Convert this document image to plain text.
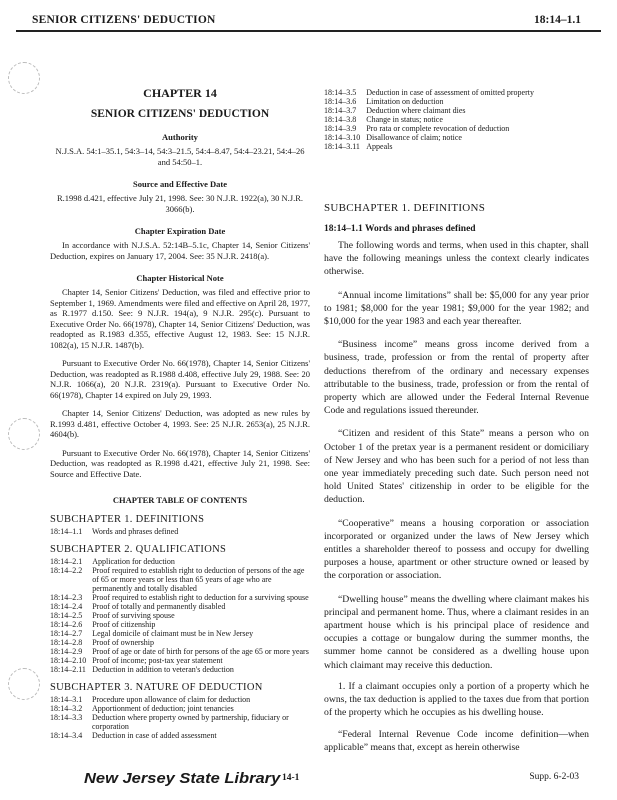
SENIOR CITIZENS' DEDUCTION	18:14–1.1
CHAPTER 14
SENIOR CITIZENS' DEDUCTION
Authority
N.J.S.A. 54:1–35.1, 54:3–14, 54:3–21.5, 54:4–8.47, 54:4–23.21, 54:4–26 and 54:50–1.
Source and Effective Date
R.1998 d.421, effective July 21, 1998. See: 30 N.J.R. 1922(a), 30 N.J.R. 3066(b).
Chapter Expiration Date

In accordance with N.J.S.A. 52:14B–5.1c, Chapter 14, Senior Citizens' Deduction, expires on January 17, 2004. See: 35 N.J.R. 2418(a).

Chapter Historical Note

Chapter 14, Senior Citizens' Deduction, was filed and effective prior to September 1, 1969. Amendments were filed and effective on April 28, 1977, as R.1977 d.150. See: 9 N.J.R. 194(a), 9 N.J.R. 295(c). Pursuant to Executive Order No. 66(1978), Chapter 14, Senior Citizens' Deduction, was readopted as R.1983 d.355, effective August 12, 1983. See: 15 N.J.R. 1082(a), 15 N.J.R. 1487(b).

Pursuant to Executive Order No. 66(1978), Chapter 14, Senior Citizens' Deduction, was readopted as R.1988 d.408, effective July 29, 1988. See: 20 N.J.R. 1066(a), 20 N.J.R. 2319(a). Pursuant to Executive Order No. 66(1978), Chapter 14 expired on July 29, 1993.

Chapter 14, Senior Citizens' Deduction, was adopted as new rules by R.1993 d.481, effective October 4, 1993. See: 25 N.J.R. 2653(a), 25 N.J.R. 4604(b).

Pursuant to Executive Order No. 66(1978), Chapter 14, Senior Citizens' Deduction, was readopted as R.1998 d.421, effective July 21, 1998. See: Source and Effective Date.

CHAPTER TABLE OF CONTENTS
SUBCHAPTER 1. DEFINITIONS
18:14–1.1	Words and phrases defined
SUBCHAPTER 2. QUALIFICATIONS
18:14–2.1	Application for deduction
18:14–2.2	Proof required to establish right to deduction of persons of the age of 65 or more years or less than 65 years of age who are permanently and totally disabled
18:14–2.3	Proof required to establish right to deduction for a surviving spouse
18:14–2.4	Proof of totally and permanently disabled
18:14–2.5	Proof of surviving spouse
18:14–2.6	Proof of citizenship
18:14–2.7	Legal domicile of claimant must be in New Jersey
18:14–2.8	Proof of ownership
18:14–2.9	Proof of age or date of birth for persons of the age 65 or more years
18:14–2.10	Proof of income; post-tax year statement
18:14–2.11	Deduction in addition to veteran's deduction
SUBCHAPTER 3. NATURE OF DEDUCTION
18:14–3.1	Procedure upon allowance of claim for deduction
18:14–3.2	Apportionment of deduction; joint tenancies
18:14–3.3	Deduction where property owned by partnership, fiduciary or corporation
18:14–3.4	Deduction in case of added assessment
18:14–3.5	Deduction in case of assessment of omitted property
18:14–3.6	Limitation on deduction
18:14–3.7	Deduction where claimant dies
18:14–3.8	Change in status; notice
18:14–3.9	Pro rata or complete revocation of deduction
18:14–3.10	Disallowance of claim; notice
18:14–3.11	Appeals
SUBCHAPTER 1. DEFINITIONS
18:14–1.1 Words and phrases defined

The following words and terms, when used in this chapter, shall have the following meanings unless the context clearly indicates otherwise.

“Annual income limitations” shall be: $5,000 for any year prior to 1981; $8,000 for the year 1981; $9,000 for the year 1982; and $10,000 for the year 1983 and each year thereafter.

“Business income” means gross income derived from a business, trade, profession or from the rental of property after deductions therefrom of the ordinary and necessary expenses attributable to the business, trade, profession or from the rental of property which are allowed under the Federal Internal Revenue Code and regulations issued thereunder.

“Citizen and resident of this State” means a person who on October 1 of the pretax year is a permanent resident or domiciliary of New Jersey and who has been such for a period of not less than one year immediately preceding such date. Such person need not hold United States' citizenship in order to be eligible for the deduction.

“Cooperative” means a housing corporation or association incorporated or organized under the laws of New Jersey which entitles a shareholder thereof to possess and occupy for dwelling purposes a house, apartment or other structure owned or leased by the corporation or association.

“Dwelling house” means the dwelling where claimant makes his principal and permanent home. Thus, where a claimant resides in an apartment house which is his principal place of residence and occupies a cottage or bungalow during the summer months, the summer home cannot be considered as a dwelling house upon which claimant may receive this deduction.

1. If a claimant occupies only a portion of a property which he owns, the tax deduction is applied to the taxes due from that portion of the property which he occupies as his dwelling house.

“Federal Internal Revenue Code income definition—when applicable” means that, except as herein otherwise

New Jersey State Library 14-1	Supp. 6-2-03
